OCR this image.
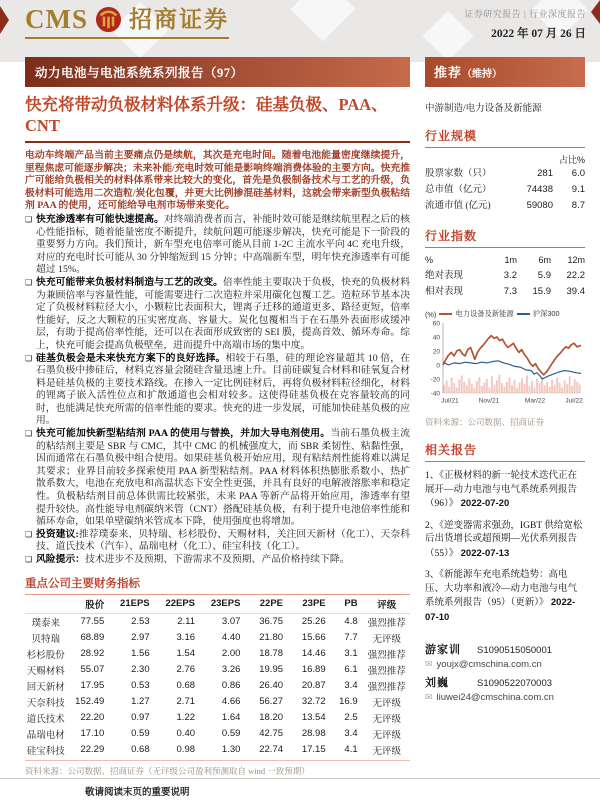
CMS 招商证券	证券研究报告 | 行业深度报告
2022 年 07 月 26 日
动力电池与电池系统系列报告（97）
快充将带动负极材料体系升级：硅基负极、PAA、CNT
电动车终端产品当前主要痛点仍是续航，其次是充电时间。随着电池能量密度继续提升，里程焦虑可能逐步解决；未来补能/充电时效可能是影响终端消费体验的主要方向。快充推广可能给负极相关的材料体系带来比较大的变化，首先是负极制备技术与工艺的升级，负极材料可能选用二次造粒/炭化包覆，并更大比例掺混硅基材料，这就会带来新型负极粘结剂 PAA 的使用，还可能给导电剂市场带来变化。
❑ 快充渗透率有可能快速提高。对终端消费者而言，补能时效可能是继续航里程之后的核心性能指标，随着能量密度不断提升，续航问题可能逐步解决，快充可能是下一阶段的重要努力方向。我们预计，新车型充电倍率可能从目前 1-2C 主流水平向 4C 充电升级，对应的充电时长可能从 30 分钟缩短到 15 分钟；中高端新车型，明年快充渗透率有可能超过 15%。
❑ 快充可能带来负极材料制造与工艺的改变。倍率性能主要取决于负极，快充的负极材料为兼顾倍率与容量性能，可能需要进行二次造粒并采用碳化包覆工艺。造粒环节基本决定了负极材料粒径大小，小颗粒比表面积大，锂离子迁移的通道更多、路径更短，倍率性能好，反之大颗粒的压实密度高、容量大。炭化包覆相当于在石墨外表面形成缓冲层，有助于提高倍率性能，还可以在表面形成致密的 SEI 膜，提高首效、循环寿命。综上，快充可能会提高负极壁垒，进而提升中高端市场的集中度。
❑ 硅基负极会是未来快充方案下的良好选择。相较于石墨，硅的理论容量超其 10 倍，在石墨负极中掺硅后，材料克容量会随硅含量迅速上升。目前硅碳复合材料和硅氧复合材料是硅基负极的主要技术路线。在掺入一定比例硅材后，再将负极材料粒径细化，材料的锂离子嵌入活性位点和扩散通道也会相对较多。这使得硅基负极在克容量较高的同时，也能满足快充所需的倍率性能的要求。快充的进一步发展，可能加快硅基负极的应用。
❑ 快充可能加快新型粘结剂 PAA 的使用与替换，并加大导电剂使用。当前石墨负极主流的粘结剂主要是 SBR 与 CMC，其中 CMC 的机械强度大，而 SBR 柔韧性、粘黏性强，因而通常在石墨负极中组合使用。如果硅基负极开始应用，现有粘结剂性能将难以满足其要求；业界目前较多探索使用 PAA 新型粘结剂。PAA 材料体积热膨胀系数小、热扩散系数大，电池在充放电和高温状态下安全性更强，并具有良好的电解液溶胀率和稳定性。负极粘结剂目前总体供需比较紧张，未来 PAA 等新产品将开始应用，渗透率有望提升较快。高性能导电剂碳纳米管（CNT）搭配硅基负极，有利于提升电池倍率性能和循环寿命，如果单壁碳纳米管成本下降，使用强度也将增加。
❑ 投资建议:推荐璞泰来、贝特瑞、杉杉股份、天赐材料，关注回天新材（化工）、天奈科技、道氏技术（汽车）、晶瑞电材（化工）、硅宝科技（化工）。
❑ 风险提示：技术进步不及预期、下游需求不及预期、产品价格持续下降。
重点公司主要财务指标
	股价	21EPS	22EPS	23EPS	22PE	23PE	PB	评级
璞泰来	77.55	2.53	2.11	3.07	36.75	25.26	4.8	强烈推荐
贝特瑞	68.89	2.97	3.16	4.40	21.80	15.66	7.7	无评级
杉杉股份	28.92	1.56	1.54	2.00	18.78	14.46	3.1	强烈推荐
天赐材料	55.07	2.30	2.76	3.26	19.95	16.89	6.1	强烈推荐
回天新材	17.95	0.53	0.68	0.86	26.40	20.87	3.4	强烈推荐
天奈科技	152.49	1.27	2.71	4.66	56.27	32.72	16.9	无评级
道氏技术	22.20	0.97	1.22	1.64	18.20	13.54	2.5	无评级
晶瑞电材	17.10	0.59	0.40	0.59	42.75	28.98	3.4	无评级
硅宝科技	22.29	0.68	0.98	1.30	22.74	17.15	4.1	无评级
资料来源：公司数据、招商证券（无评级公司盈利预测取自 wind 一致预期）
推荐（维持）
中游制造/电力设备及新能源
行业规模
占比%
股票家数（只）	281	6.0
总市值（亿元）	74438	9.1
流通市值 (亿元)	59080	8.7
行业指数
%	1m	6m	12m
绝对表现	3.2	5.9	22.2
相对表现	7.3	15.9	39.4
(%)	电力设备及新能源	沪深300
60
40
20
0
-20
-40
Jul/21	Nov/21	Mar/22	Jul/22
资料来源：公司数据、招商证券
相关报告
1、《正极材料的新一轮技术迭代正在展开—动力电池与电气系统系列报告（96）》 2022-07-20
2、《逆变器需求强劲，IGBT 供给宽松后出货增长或超预期—光伏系列报告（55）》 2022-07-13
3、《新能源车充电系统趋势：高电压、大功率和液冷—动力电池与电气系统系列报告（95）（更新）》 2022-07-10
游家训	S1090515050001
✉ youjx@cmschina.com.cn
刘巍	S1090522070003
✉ liuwei24@cmschina.com.cn
敬请阅读末页的重要说明
